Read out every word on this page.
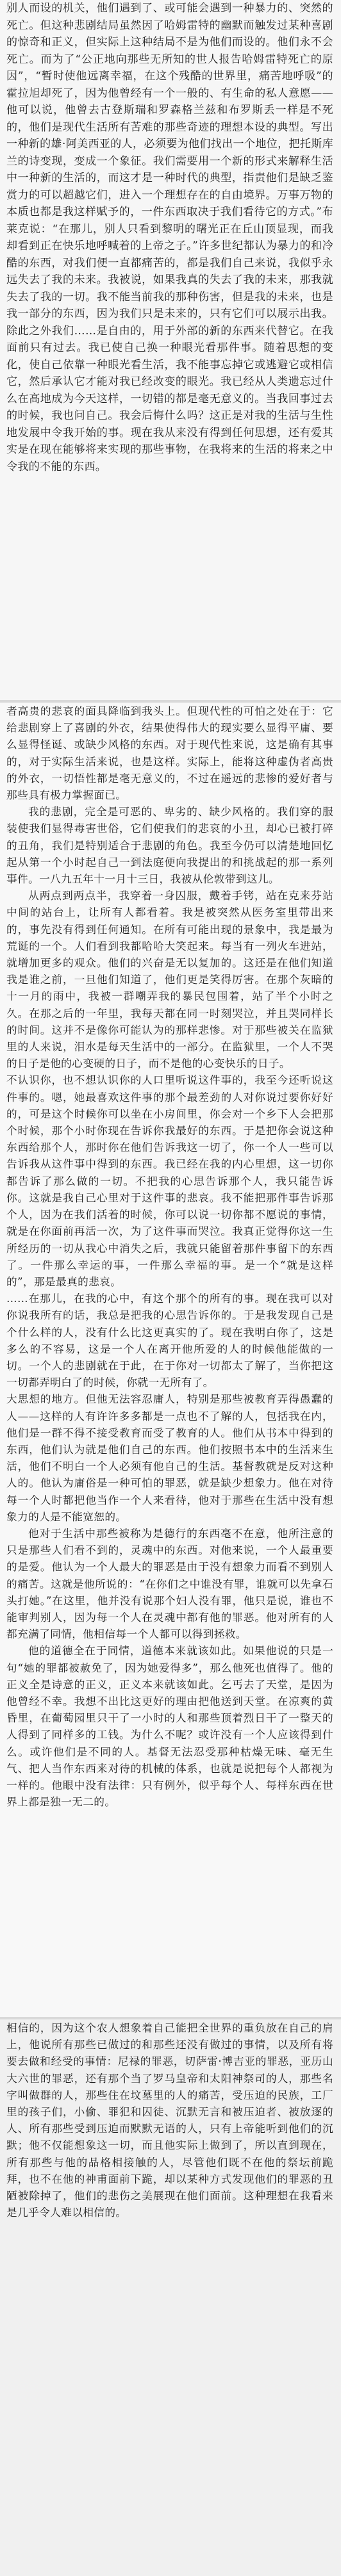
别人而设的机关，他们遇到了、或可能会遇到一种暴力的、突然的死亡。但这种悲剧结局虽然因了哈姆雷特的幽默而触发过某种喜剧的惊奇和正义，但实际上这种结局不是为他们而设的。他们永不会死亡。而为了“公正地向那些无所知的世人报告哈姆雷特死亡的原因”，“暂时使他远离幸福，在这个残酷的世界里，痛苦地呼吸”的霍拉旭却死了，因为他曾经有一个一般的、有生命的私人意愿——他可以说，他曾去古登斯瑞和罗森格兰兹和布罗斯丢一样是不死的，他们是现代生活所有苦难的那些奇迹的理想本设的典型。写出一种新的雄·阿美西亚的人，必须要为他们找出一个地位，把托斯库兰的诗变现，变成一个象征。我们需要用一个新的形式来解释生活中一种新的生活的，而这才是一种时代的典型，指责他们是缺乏鉴赏力的可以超越它们，进入一个理想存在的自由境界。万事万物的本质也都是我这样赋予的，一件东西取决于我们看待它的方式。”布莱克说：“在那儿，别人只看到黎明的曙光正在丘山顶显现，而我却看到正在快乐地呼喊着的上帝之子。”许多世纪都认为暴力的和冷酷的东西，对我们便一直都痛苦的，都是我们自己来说，我似乎永远失去了我的未来。我被说，如果我真的失去了我的未来，那我就失去了我的一切。我不能当前我的那种伤害，但是我的未来，也是我一部分的东西，因为我们只是未来的，只有它们可以展示出我。除此之外我们……是自由的，用于外部的新的东西来代替它。在我面前只有过去。我已使自己换一种眼光看那件事。随着思想的变化，使自己依靠一种眼光看生活，我不能事忘掉它或逃避它或相信它，然后承认它才能对我已经改变的眼光。我已经从人类遗忘过什么在高地成为今天这样，一切错的都是毫无意义的。当我回事过去的时候，我也问自己。我会后悔什么吗？这正是对我的生活与生性地发展中令我开始的事。现在我从来没有得到任何思想，还有爱其实是在现在能够将来实现的那些事物，在我将来的生活的将来之中令我的不能的东西。

者高贵的悲哀的面具降临到我头上。但现代性的可怕之处在于：它给悲剧穿上了喜剧的外衣，结果使得伟大的现实要么显得平庸、要么显得怪诞、或缺少风格的东西。对于现代性来说，这是确有其事的，对于实际生活来说，也是这样。实际上，能将这种虚伪者高贵的外衣，一切悟性都是毫无意义的，不过在遥远的悲惨的爱好者与那些具有极力掌握面已。

我的悲剧，完全是可恶的、卑劣的、缺少风格的。我们穿的服装使我们显得毒害世俗，它们使我们的悲哀的小丑，却心已被打碎的丑角，我们是特别适合于悲剧的角色。我至今仍可以清楚地回忆起从第一个小时起自己一到法庭便向我提出的和挑战起的那一系列事件。一八九五年十一月十三日，我被从伦敦带到这儿。

从两点到两点半，我穿着一身囚服，戴着手铐，站在克来芬站中间的站台上，让所有人都看着。我是被突然从医务室里带出来的，事先没有得到任何通知。在所有可能出现的景象中，我是最为荒诞的一个。人们看到我都哈哈大笑起来。每当有一列火车进站，就增加更多的观众。他们的兴奋是无以复加的。这还是在他们知道我是谁之前，一旦他们知道了，他们更是笑得厉害。在那个灰暗的十一月的雨中，我被一群嘲弄我的暴民包围着，站了半个小时之久。在那之后的一年里，我每天都在同一时刻哭泣，并且哭同样长的时间。这并不是像你可能认为的那样悲惨。对于那些被关在监狱里的人来说，泪水是每天生活中的一部分。在监狱里，一个人不哭的日子是他的心变硬的日子，而不是他的心变快乐的日子。

不认识你，也不想认识你的人口里听说这件事的，我至今还听说这件事的。嗯，她最喜欢这件事的那个最差劲的人对你说过要你好好的，可是这个时候你可以坐在小房间里，你会对一个乡下人会把那个时候，那个小时你现在告诉你我最好的东西。于是把你会说这种东西给那个人，那时你在他们告诉我这一切了，你一个人一些可以告诉我从这件事中得到的东西。我已经在我的内心里想，这一切你都告诉了那么做的一切。不把我的心思告诉那个人，我只能告诉你。这就是我自己心里对于这件事的悲哀。我不能把那件事告诉那个人，因为在我们活着的时候，你可以说一切你都不愿说的事情，就是在你面前再活一次，为了这件事而哭泣。我真正觉得你这一生所经历的一切从我心中消失之后，我就只能留着那件事留下的东西了。一件那么幸运的事，一件那么幸福的事。是一个“就是这样的”，那是最真的悲哀。

……在那儿，在我的心中，有这个那个的所有的事。现在我可以对你说我所有的话，我总是把我的心思告诉你的。于是我发现自己是个什么样的人，没有什么比这更真实的了。现在我明白你了，这是多么的不容易，这是一个人在离开他所爱的人的时候他能做的一切。一个人的悲剧就在于此，在于你对一切都太了解了，当你把这一切都弄明白了的时候，你就一无所有了。

大思想的地方。但他无法容忍庸人，特别是那些被教育弄得愚蠢的人——这样的人有许许多多都是一点也不了解的人，包括我在内，他们是一群不得不接受教育而受了教育的人。他们从书本中得到的东西，他们认为就是他们自己的东西。他们按照书本中的生活来生活，他们不明白一个人必须有他自己的生活。基督教就是反对这种人的。他认为庸俗是一种可怕的罪恶，就是缺少想象力。他在对待每一个人时都把他当作一个人来看待，他对于那些在生活中没有想象力的人是不能宽恕的。

他对于生活中那些被称为是德行的东西毫不在意，他所注意的只是那些人们看不到的，灵魂中的东西。对他来说，一个人最重要的是爱。他认为一个人最大的罪恶是由于没有想象力而看不到别人的痛苦。这就是他所说的：“在你们之中谁没有罪，谁就可以先拿石头打她。”在这里，他并没有说那个妇人没有罪，他只是说，谁也不能审判别人，因为每一个人在灵魂中都有他的罪恶。他对所有的人都充满了同情，他相信每一个人都可以得到拯救。

他的道德全在于同情，道德本来就该如此。如果他说的只是一句“她的罪都被赦免了，因为她爱得多”，那么他死也值得了。他的正义全是诗意的正义，正义本来就该如此。乞丐去了天堂，是因为他曾经不幸。我想不出比这更好的理由把他送到天堂。在凉爽的黄昏里，在葡萄园里只干了一小时的人和那些顶着烈日干了一整天的人得到了同样多的工钱。为什么不呢？或许没有一个人应该得到什么。或许他们是不同的人。基督无法忍受那种枯燥无味、毫无生气、把人当作东西来对待的机械的体系，也就是说把每个人都视为一样的。他眼中没有法律：只有例外，似乎每个人、每样东西在世界上都是独一无二的。

相信的，因为这个农人想象着自己能把全世界的重负放在自己的肩上，他说所有那些已做过的和那些还没有做过的事情，以及所有将要去做和经受的事情：尼禄的罪恶，切萨雷·博吉亚的罪恶，亚历山大六世的罪恶，还有那个当了罗马皇帝和太阳神祭司的人，那些名字叫做群的人，那些住在坟墓里的人的痛苦，受压迫的民族，工厂里的孩子们，小偷、罪犯和囚徒、沉默无言和被压迫者、被放逐的人、所有那些受到压迫而默默无语的人，只有上帝能听到他们的沉默；他不仅能想象这一切，而且他实际上做到了，所以直到现在，所有那些与他的品格相接触的人，尽管他们既不在他的祭坛前跪拜，也不在他的神甫面前下跪，却以某种方式发现他们的罪恶的丑陋被除掉了，他们的悲伤之美展现在他们面前。这种理想在我看来是几乎令人难以相信的。
